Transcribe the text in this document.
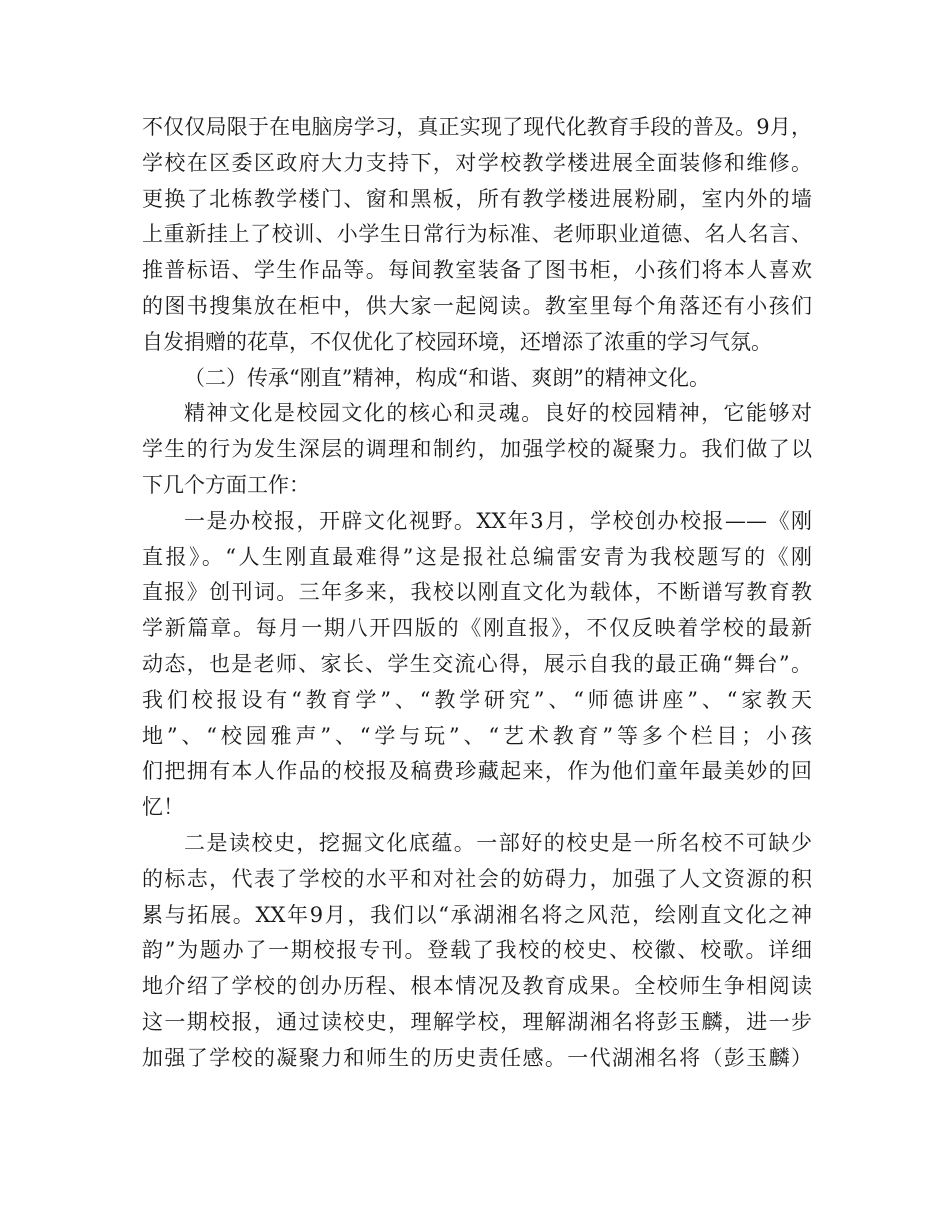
不仅仅局限于在电脑房学习，真正实现了现代化教育手段的普及。9月，
学校在区委区政府大力支持下，对学校教学楼进展全面装修和维修。
更换了北栋教学楼门、窗和黑板，所有教学楼进展粉刷，室内外的墙
上重新挂上了校训、小学生日常行为标准、老师职业道德、名人名言、
推普标语、学生作品等。每间教室装备了图书柜，小孩们将本人喜欢
的图书搜集放在柜中，供大家一起阅读。教室里每个角落还有小孩们
自发捐赠的花草，不仅优化了校园环境，还增添了浓重的学习气氛。
（二）传承“刚直”精神，构成“和谐、爽朗”的精神文化。
精神文化是校园文化的核心和灵魂。良好的校园精神，它能够对
学生的行为发生深层的调理和制约，加强学校的凝聚力。我们做了以
下几个方面工作：
一是办校报，开辟文化视野。XX年3月，学校创办校报——《刚
直报》。“人生刚直最难得”这是报社总编雷安青为我校题写的《刚
直报》创刊词。三年多来，我校以刚直文化为载体，不断谱写教育教
学新篇章。每月一期八开四版的《刚直报》，不仅反映着学校的最新
动态，也是老师、家长、学生交流心得，展示自我的最正确“舞台”。
我们校报设有“教育学”、“教学研究”、“师德讲座”、“家教天
地”、“校园雅声”、“学与玩”、“艺术教育”等多个栏目；小孩
们把拥有本人作品的校报及稿费珍藏起来，作为他们童年最美妙的回
忆！
二是读校史，挖掘文化底蕴。一部好的校史是一所名校不可缺少
的标志，代表了学校的水平和对社会的妨碍力，加强了人文资源的积
累与拓展。XX年9月，我们以“承湖湘名将之风范，绘刚直文化之神
韵”为题办了一期校报专刊。登载了我校的校史、校徽、校歌。详细
地介绍了学校的创办历程、根本情况及教育成果。全校师生争相阅读
这一期校报，通过读校史，理解学校，理解湖湘名将彭玉麟，进一步
加强了学校的凝聚力和师生的历史责任感。一代湖湘名将（彭玉麟）
